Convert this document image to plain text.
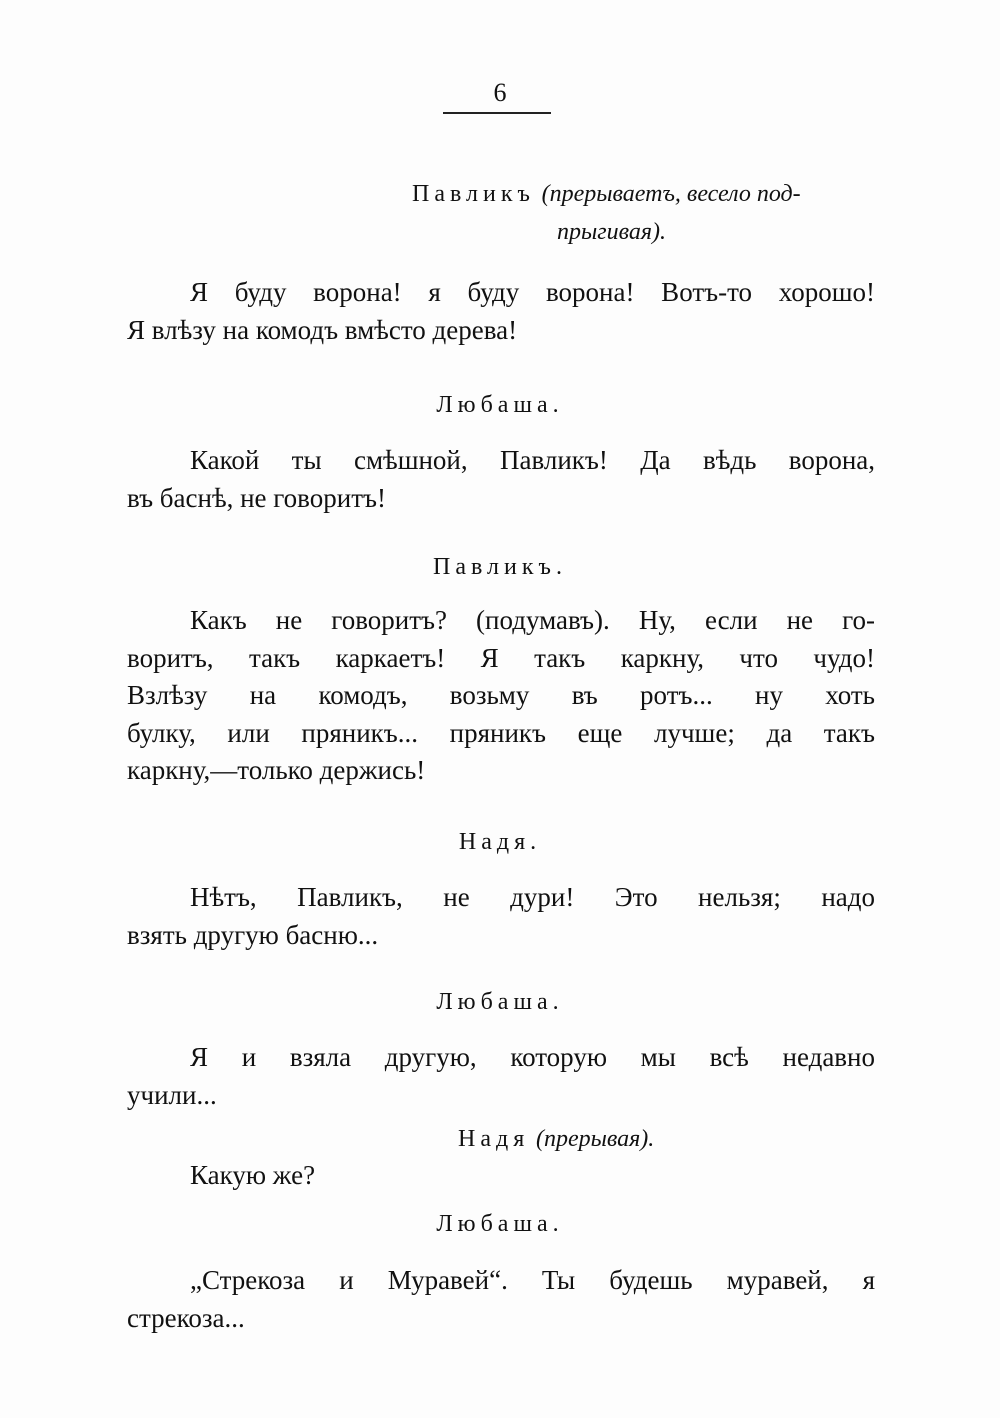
6
Павликъ (прерываетъ, весело под-
прыгивая).
Я буду ворона! я буду ворона! Вотъ-то хорошо!
Я влѣзу на комодъ вмѣсто дерева!
Любаша.
Какой ты смѣшной, Павликъ! Да вѣдь ворона,
въ баснѣ, не говоритъ!
Павликъ.
Какъ не говоритъ? (подумавъ). Ну, если не го-
воритъ, такъ каркаетъ! Я такъ каркну, что чудо!
Взлѣзу на комодъ, возьму въ ротъ... ну хоть
булку, или пряникъ... пряникъ еще лучше; да такъ
каркну,—только держись!
Надя.
Нѣтъ, Павликъ, не дури! Это нельзя; надо
взять другую басню...
Любаша.
Я и взяла другую, которую мы всѣ недавно
учили...
Надя (прерывая).
Какую же?
Любаша.
„Стрекоза и Муравей“. Ты будешь муравей, я
стрекоза...
